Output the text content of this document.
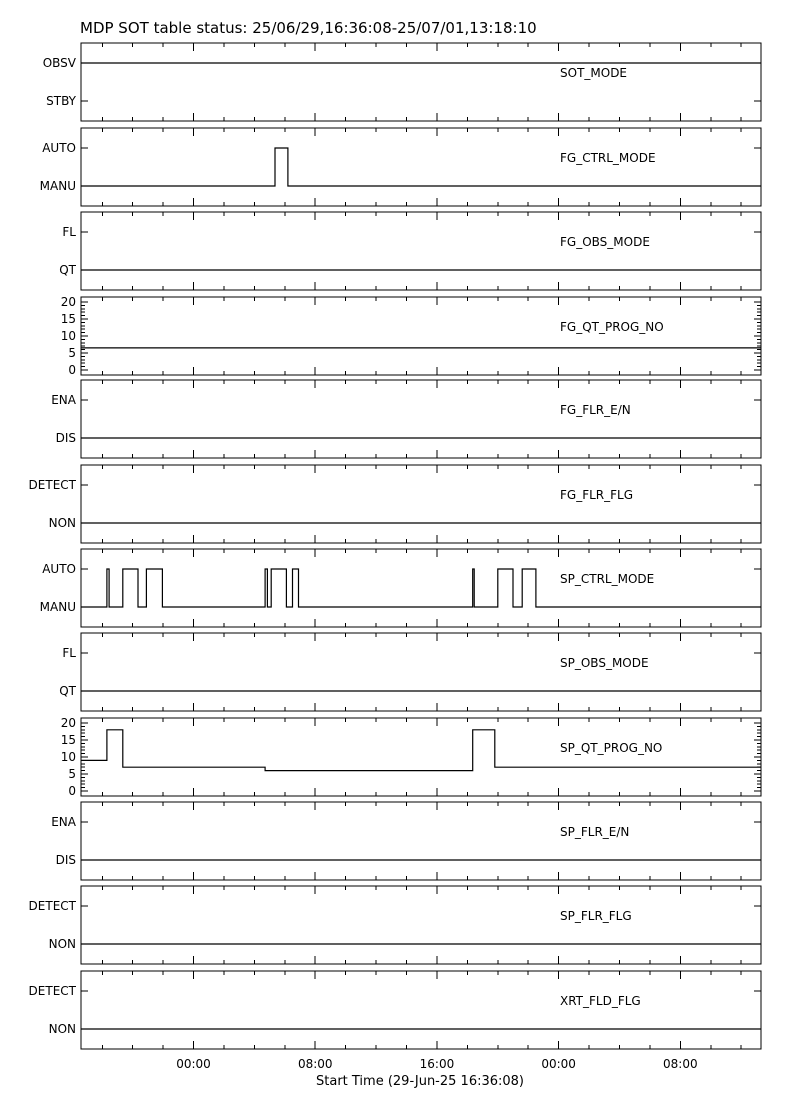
MDP SOT table status: 25/06/29,16:36:08-25/07/01,13:18:10
STBY
OBSV
SOT_MODE
MANU
AUTO
FG_CTRL_MODE
QT
FL
FG_OBS_MODE
0
5
10
15
20
FG_QT_PROG_NO
DIS
ENA
FG_FLR_E/N
NON
DETECT
FG_FLR_FLG
MANU
AUTO
SP_CTRL_MODE
QT
FL
SP_OBS_MODE
0
5
10
15
20
SP_QT_PROG_NO
DIS
ENA
SP_FLR_E/N
NON
DETECT
SP_FLR_FLG
NON
DETECT
XRT_FLD_FLG
00:00	08:00	16:00	00:00	08:00
Start Time (29-Jun-25 16:36:08)
